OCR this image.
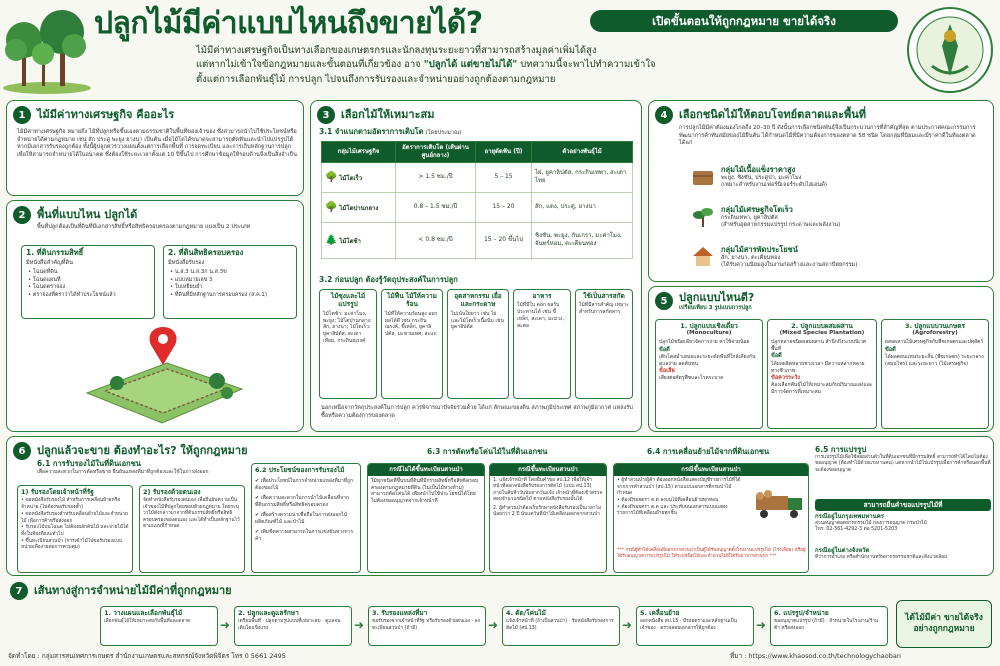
ปลูกไม้มีค่าแบบไหนถึงขายได้?	เปิดขั้นตอนให้ถูกกฎหมาย ขายได้จริง
ไม้มีค่าทางเศรษฐกิจเป็นทางเลือกของเกษตรกรและนักลงทุนระยะยาวที่สามารถสร้างมูลค่าเพิ่มได้สูง
แต่หากไม่เข้าใจข้อกฎหมายและขั้นตอนที่เกี่ยวข้อง อาจ "ปลูกได้ แต่ขายไม่ได้" บทความนี้จะพาไปทำความเข้าใจ
ตั้งแต่การเลือกพันธุ์ไม้ การปลูก ไปจนถึงการรับรองและจำหน่ายอย่างถูกต้องตามกฎหมาย
1	ไม้มีค่าทางเศรษฐกิจ คืออะไร
ไม้มีค่าทางเศรษฐกิจ หมายถึง ไม้ที่ปลูกหรือขึ้นเองตามธรรมชาติในพื้นที่ของเจ้าของ ซึ่งสามารถนำไปใช้ประโยชน์หรือจำหน่ายได้ตามกฎหมาย เช่น สัก ประดู่ พะยูง ยางนา เป็นต้น เมื่อไม้โตได้ขนาดจะสามารถตัดฟันและนำไปแปรรูปได้ หากมีเอกสารรับรองถูกต้อง ทั้งนี้ผู้ปลูกควรวางแผนตั้งแต่การเลือกพื้นที่ การจดทะเบียน และการเก็บหลักฐานการปลูกเพื่อให้สามารถจำหน่ายได้ในอนาคต ซึ่งต้องใช้ระยะเวลาตั้งแต่ 10 ปีขึ้นไป การศึกษาข้อมูลให้รอบด้านจึงเป็นสิ่งจำเป็น
2	พื้นที่แบบไหน ปลูกได้
พื้นที่ปลูกต้องเป็นที่ดินที่มีเอกสารสิทธิ์หรือสิทธิครอบครองตามกฎหมาย แบ่งเป็น 2 ประเภท
1. ที่ดินกรรมสิทธิ์
มีหนังสือสำคัญที่ดิน
• โฉนดที่ดิน
• โฉนดแผนที่
• โฉนดตราจอง
• ตราจองที่ตราว่าได้ทำประโยชน์แล้ว
2. ที่ดินสิทธิครอบครอง
มีหนังสือรับรอง
• น.ส.3 น.ส.3ก น.ส.3ข
• แบบหมายเลข 3
• ใบเหยียบย่ำ
• ที่ดินที่มีหลักฐานการครอบครอง (ส.ค.1)
3	เลือกไม้ให้เหมาะสม
3.1 จำแนกตามอัตราการเติบโต (โดยประมาณ)
กลุ่มไม้เศรษฐกิจ	อัตราการเติบโต (เส้นผ่านศูนย์กลาง)	อายุตัดฟัน (ปี)	ตัวอย่างพันธุ์ไม้
🌳 ไม้โตเร็ว	> 1.5 ซม./ปี	5 – 15	ไผ่, ยูคาลิปตัส, กระถินเทพา, สะเดาไทย
🌳 ไม้โตปานกลาง	0.8 – 1.5 ซม./ปี	15 – 20	สัก, แดง, ประดู่, ยางนา
🌲 ไม้โตช้า	< 0.8 ซม./ปี	15 – 20 ขึ้นไป	ชิงชัน, พะยูง, กันเกรา, มะค่าโมง, จันทร์หอม, ตะเคียนทอง
3.2 ก่อนปลูก ต้องรู้วัตถุประสงค์ในการปลูก
ไม้ซุงและไม้แปรรูป
ไม้โตช้า: มะค่าโมง, พะยูง; ไม้โตปานกลาง: สัก, ยางนา; ไม้โตเร็ว: ยูคาลิปตัส, สะเดาเทียม, กระถินณรงค์
ไม้ฟืน ไม้ให้ความร้อน
ไม้ที่ให้ความร้อนสูง ออกผลได้ดี เช่น กระถินณรงค์, ขี้เหล็ก, ยูคาลิปตัส, มะขามเทศ, สะแก
อุตสาหกรรม เยื่อและกระดาษ
ไม่เน้นใยยาว เช่น ไผ่ และไม้โตเร็วเนื้อนิ่ม เช่น ยูคาลิปตัส
อาหาร
ไม้ที่มีใบ ดอก ผลรับประทานได้ เช่น ขี้เหล็ก, สะเดา, มะม่วง, สะตอ
ใช้เป็นสารสกัด
ไม้ที่มีสารสำคัญ เหมาะสำหรับการสกัดสาร
นอกเหนือจากวัตถุประสงค์ในการปลูก ควรพิจารณาปัจจัยร่วมด้วย ได้แก่ ลักษณะของดิน สภาพภูมิประเทศ สภาพภูมิอากาศ แหล่งรับซื้อหรือความต้องการของตลาด
4	เลือกชนิดไม้ให้ตอบโจทย์ตลาดและพื้นที่
การปลูกไม้มีค่าต้องมองไกลถึง 20–30 ปี ดังนั้นการเลือกชนิดพันธุ์จึงเป็นกระบวนการที่สำคัญที่สุด ตามประกาศคณะกรรมการพัฒนาการค้าทันสมัยของไม้ยืนต้น ได้กำหนดไม้ที่มีความต้องการของตลาด 58 ชนิด โดยกลุ่มที่นิยมและมีราคาดีในท้องตลาด ได้แก่
กลุ่มไม้เนื้อแข็งราคาสูง
พะยูง, ชิงชัน, ประดู่ป่า, มะค่าโมง
(เหมาะสำหรับงานเฟอร์นิเจอร์ระดับไฮเอนด์)
กลุ่มไม้เศรษฐกิจโตเร็ว
กระถินเทพา, ยูคาลิปตัส
(สำหรับอุตสาหกรรมแปรรูป กระดาษและพลังงาน)
กลุ่มไม้สารพัดประโยชน์
สัก, ยางนา, ตะเคียนทอง
(ได้รับความนิยมสูงในงานก่อสร้างและงานสถาปัตยกรรม)
5	ปลูกแบบไหนดี?
เปรียบเทียบ 3 รูปแบบการปลูก
1. ปลูกแบบเชิงเดี่ยว
(Monoculture)
ปลูกไม้ชนิดเดียวจัดการง่าย ค่าใช้จ่ายน้อย
ข้อดี
เติบโตสม่ำเสมอและระยะตัดฟันที่ใกล้เคียงกัน ดูแลง่าย ลดต้นทุน
ข้อเสีย
เสี่ยงต่อศัตรูพืชและโรคระบาด
2. ปลูกแบบผสมผสาน
(Mixed Species Plantation)
ปลูกหลายชนิดผสมผสาน สำนึกถึงระบบนิเวศพื้นที่
ข้อดี
ได้ผลผลิตหลายช่วงเวลา มีความหลากหลายทางชีวภาพ
ข้อควรระวัง
ต้องเลือกพันธุ์ไม้ให้เหมาะสมกับปริมาณแสงและมีการจัดการที่เหมาะสม
3. ปลูกแบบวนเกษตร
(Agroforestry)
ผสมผสานไม้เศรษฐกิจกับพืชเกษตรและปศุสัตว์
ข้อดี
ได้ผลตอบแทนระยะสั้น (พืชเกษตร) ระยะกลาง (สมุนไพร) และระยะยาว (ไม้เศรษฐกิจ)
6	ปลูกแล้วจะขาย ต้องทำอะไร? ให้ถูกกฎหมาย
6.1 การรับรองไม้ในที่ดินเอกชน
เพื่อความสะดวกในการตัดหรือขาย ยืนยันแหล่งที่มาที่ถูกต้องและใช้ในการส่งออก
1) รับรองโดยเจ้าหน้าที่รัฐ
• ขอหนังสือรับรองไม้ สำหรับการเคลื่อนย้ายหรือจำหน่าย (ไม่ต้องขอรับรองซ้ำ)
• ขอหนังสือรับรองสำหรับเคลื่อนย้ายไม้และจำหน่ายไม้ เพื่อการค้าหรือส่งออก
• รับรองไม้บนโฉนด ไม่ต้องผลักดันไม้ และจ่ายไม้ได้ทั้งในท้องที่และทั่วไป
• ขึ้นทะเบียนสวนป่า (การเข้าไม้ไปขอรับรองแบบหน่วยเพื่อง่ายต่อการควบคุม)
2) รับรองด้วยตนเอง
จัดทำหนังสือรับรองตนเอง เพื่อยืนยันความเป็นเจ้าของไม้ที่ปลูกโดยชอบด้วยกฎหมาย โดยระบุว่าไม้ดังกล่าวมาจากที่ดินกรรมสิทธิ์หรือสิทธิครอบครองของตนเอง และได้ทำเป็นหลักฐานไว้ตามแบบที่กำหนด
6.2 ประโยชน์ของการรับรองไม้
✔ เพื่อประโยชน์ในการจำหน่ายแหล่งที่มาที่ถูกต้องของไม้
✔ เพื่อความสะดวกในการนำไม้เคลื่อนที่จากที่ดินกรรมสิทธิ์หรือสิทธิครอบครอง
✔ เพื่อสร้างความน่าเชื่อถือในการส่งออกไม้ ผลิตภัณฑ์ไม้ และป่าไม้
✔ เพิ่มขีดความสามารถในการแข่งขันทางการค้า
6.3 การตัดหรือโค่นไม้ในที่ดินเอกชน
กรณีไม่ได้ขึ้นทะเบียนสวนป่า
ไม้ทุกชนิดที่ขึ้นบนที่ดินที่มีกรรมสิทธิ์หรือสิทธิครอบครองตามกฎหมายที่ดิน (ไม่เป็นไม้หวงห้าม) สามารถตัดโค่นได้ เพียงนำไปใช้ประโยชน์ได้โดยไม่ต้องขออนุญาตจากเจ้าหน้าที่
กรณีขึ้นทะเบียนสวนป่า
1. แจ้งเจ้าหน้าที่ โดยยื่นคำขอ สป.12 เพื่อให้เจ้าหน้าที่ออกหนังสือรับรองการตัดไม้ (แบบ สป.13) ภายในสิบห้าวันนับจากวันแจ้ง เจ้าหน้าที่ต้องเข้าตรวจสอบจำนวนชนิดไม้ ตามหนังสือรับรองนั้นได้
2. ผู้ทำสวนป่าต้องเก็บรักษาหนังสือรับรองเป็นเวลาไม่น้อยกว่า 2 ปี นับแต่วันที่นำไม้เคลื่อนออกจากสวนป่า
6.4 การเคลื่อนย้ายไม้จากที่ดินเอกชน
กรณีขึ้นทะเบียนสวนป่า
• ผู้ทำสวนป่า/ผู้ค้า ต้องออกหนังสือแสดงบัญชีรายการไม้ที่ได้จากการทำสวนป่า (สป.15) ตามแบบเอกสารที่กรมป่าไม้กำหนด
• ต้องมีรอยตรา ต.ต ลงบนไม้ที่เคลื่อนย้ายทุกท่อน
• ต้องมีรอยตรา ต.ต และ ประทับบนเอกสารแบบแสดงรายการไม้ที่เคลื่อนย้ายทุกชิ้น
*** กรณีผู้ทำไม้เคลื่อนที่ออกจากสวนป่าเป็นผู้ได้รับอนุญาตตั้งโรงงานแปรรูปไม้ (โรงเลื่อย) หรือผู้ได้รับอนุญาตการแปรรูปไม้ ให้ระบุชนิดไม้และจำนวนไม้ที่ได้รับมาจากสวนป่า ***
6.5 การแปรรูป
การแปรรูปไม้เพื่อใช้สอยส่วนตัวในที่ดินเอกชนที่มีกรรมสิทธิ์ สามารถทำได้โดยไม่ต้องขออนุญาต (ต้องทำไม้ด้วยแรงงานคน) แต่หากนำไม้ไปแปรรูปเพื่อการค้าหรือนอกพื้นที่ จะต้องขออนุญาต
สามารถยื่นคำขอแปรรูปไม้ที่
กรณีอยู่ในกรุงเทพมหานคร
ส่วนอนุญาตอุตสาหกรรมไม้ กองการอนุญาต กรมป่าไม้
โทร. 02-561-4292-3 ต่อ 5201-5203
กรณีอยู่ในต่างจังหวัด
ที่ว่าการอำเภอ หรือสำนักงานทรัพยากรธรรมชาติและสิ่งแวดล้อม
7	เส้นทางสู่การจำหน่ายไม้มีค่าที่ถูกกฎหมาย
1. วางแผนและเลือกพันธุ์ไม้
เลือกพันธุ์ไม้ให้เหมาะสมกับพื้นที่และตลาด	➜
2. ปลูกและดูแลรักษา
เตรียมพื้นที่ · ปลูกตามรูปแบบที่เหมาะสม · ดูแลจนเติบโตแข็งแรง	➜
3. รับรองแหล่งที่มา
ขอรับรองจากเจ้าหน้าที่รัฐ หรือรับรองด้วยตนเอง · ลงทะเบียนสวนป่า (ถ้ามี)	➜
4. ตัด/โค่นไม้
แจ้งเจ้าหน้าที่ (ถ้าเป็นสวนป่า) · รับหนังสือรับรองการตัดไม้ (สป.13)	➜
5. เคลื่อนย้าย
ออกหนังสือ สป.15 · มีรอยตราและหลักฐานเป็นเจ้าของ · ตรวจสอบเอกสารให้ถูกต้อง	➜
6. แปรรูป/จำหน่าย
ขออนุญาตแปรรูป (ถ้ามี) · จำหน่ายในโรงงาน/ร้านค้า หรือส่งออก
ได้ไม้มีค่า ขายได้จริง อย่างถูกกฎหมาย
จัดทำโดย : กลุ่มสารสนเทศการเกษตร สำนักงานเกษตรและสหกรณ์จังหวัดพิจิตร โทร 0 5661 2495	ที่มา : https://www.khaosod.co.th/technologychaoban
